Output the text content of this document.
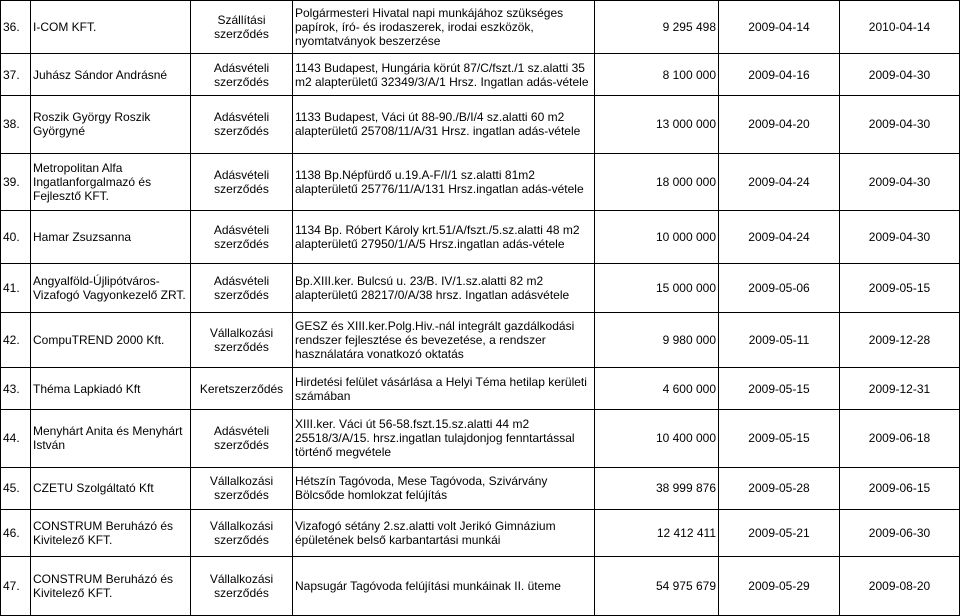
36.	I-COM KFT.	Szállítási szerződés	Polgármesteri Hivatal napi munkájához szükséges papírok, író- és irodaszerek, irodai eszközök, nyomtatványok beszerzése	9 295 498	2009-04-14	2010-04-14
37.	Juhász Sándor Andrásné	Adásvételi szerződés	1143 Budapest, Hungária körút 87/C/fszt./1 sz.alatti 35 m2 alapterületű 32349/3/A/1 Hrsz. Ingatlan adás-vétele	8 100 000	2009-04-16	2009-04-30
38.	Roszik György Roszik Györgyné	Adásvételi szerződés	1133 Budapest, Váci út 88-90./B/I/4 sz.alatti 60 m2 alapterületű 25708/11/A/31 Hrsz. ingatlan adás-vétele	13 000 000	2009-04-20	2009-04-30
39.	Metropolitan Alfa Ingatlanforgalmazó és Fejlesztő KFT.	Adásvételi szerződés	1138 Bp.Népfürdő u.19.A-F/I/1 sz.alatti 81m2 alapterületű 25776/11/A/131 Hrsz.ingatlan adás-vétele	18 000 000	2009-04-24	2009-04-30
40.	Hamar Zsuzsanna	Adásvételi szerződés	1134 Bp. Róbert Károly krt.51/A/fszt./5.sz.alatti 48 m2 alapterületű 27950/1/A/5 Hrsz.ingatlan adás-vétele	10 000 000	2009-04-24	2009-04-30
41.	Angyalföld-Újlipótváros-Vizafogó Vagyonkezelő ZRT.	Adásvételi szerződés	Bp.XIII.ker. Bulcsú u. 23/B. IV/1.sz.alatti 82 m2 alapterületű 28217/0/A/38 hrsz. Ingatlan adásvétele	15 000 000	2009-05-06	2009-05-15
42.	CompuTREND 2000 Kft.	Vállalkozási szerződés	GESZ és XIII.ker.Polg.Hiv.-nál integrált gazdálkodási rendszer fejlesztése és bevezetése, a rendszer használatára vonatkozó oktatás	9 980 000	2009-05-11	2009-12-28
43.	Théma Lapkiadó Kft	Keretszerződés	Hirdetési felület vásárlása a Helyi Téma hetilap kerületi számában	4 600 000	2009-05-15	2009-12-31
44.	Menyhárt Anita és Menyhárt István	Adásvételi szerződés	XIII.ker. Váci út 56-58.fszt.15.sz.alatti 44 m2 25518/3/A/15. hrsz.ingatlan tulajdonjog fenntartással történő megvétele	10 400 000	2009-05-15	2009-06-18
45.	CZETU Szolgáltató Kft	Vállalkozási szerződés	Hétszín Tagóvoda, Mese Tagóvoda, Szivárvány Bölcsőde homlokzat felújítás	38 999 876	2009-05-28	2009-06-15
46.	CONSTRUM Beruházó és Kivitelező KFT.	Vállalkozási szerződés	Vizafogó sétány 2.sz.alatti volt Jerikó Gimnázium épületének belső karbantartási munkái	12 412 411	2009-05-21	2009-06-30
47.	CONSTRUM Beruházó és Kivitelező KFT.	Vállalkozási szerződés	Napsugár Tagóvoda felújítási munkáinak II. üteme	54 975 679	2009-05-29	2009-08-20
